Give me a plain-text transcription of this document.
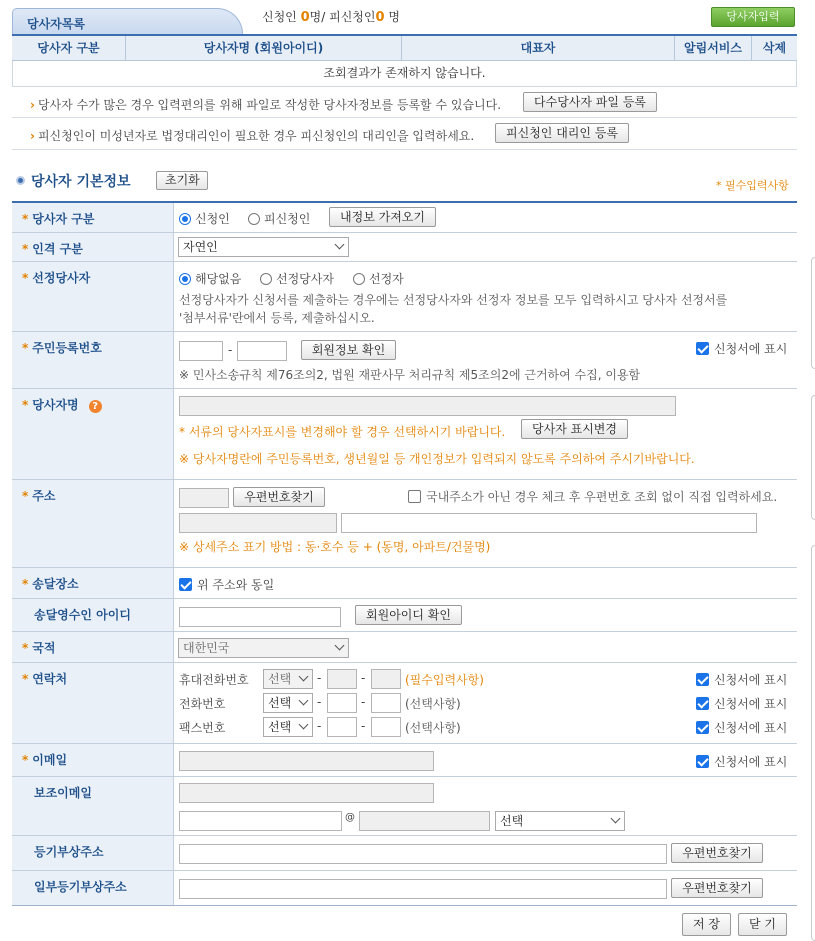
당사자목록	신청인 0명/ 피신청인0 명	당사자입력
당사자 구분	당사자명 (회원아이디)	대표자	알림서비스	삭제
조회결과가 존재하지 않습니다.
› 당사자 수가 많은 경우 입력편의를 위해 파일로 작성한 당사자정보를 등록할 수 있습니다.	다수당사자 파일 등록
› 피신청인이 미성년자로 법정대리인이 필요한 경우 피신청인의 대리인을 입력하세요.	피신청인 대리인 등록
당사자 기본정보	초기화	* 필수입력사항
* 당사자 구분	신청인	피신청인	내정보 가져오기
* 인격 구분	자연인
* 선정당사자	해당없음	선정당사자	선정자
선정당사자가 신청서를 제출하는 경우에는 선정당사자와 선정자 정보를 모두 입력하시고 당사자 선정서를
'첨부서류'란에서 등록, 제출하십시오.
* 주민등록번호	-	회원정보 확인	신청서에 표시
※ 민사소송규칙 제76조의2, 법원 재판사무 처리규칙 제5조의2에 근거하여 수집, 이용함
* 당사자명 ?
* 서류의 당사자표시를 변경해야 할 경우 선택하시기 바랍니다.	당사자 표시변경
※ 당사자명란에 주민등록번호, 생년월일 등 개인정보가 입력되지 않도록 주의하여 주시기바랍니다.
* 주소	우편번호찾기	국내주소가 아닌 경우 체크 후 우편번호 조회 없이 직접 입력하세요.
※ 상세주소 표기 방법 : 동·호수 등 + (동명, 아파트/건물명)
* 송달장소	위 주소와 동일
송달영수인 아이디	회원아이디 확인
* 국적	대한민국
* 연락처	휴대전화번호	선택	-	-	(필수입력사항)	신청서에 표시
전화번호	선택	-	-	(선택사항)	신청서에 표시
팩스번호	선택	-	-	(선택사항)	신청서에 표시
* 이메일	신청서에 표시
보조이메일
@	선택
등기부상주소	우편번호찾기
일부등기부상주소	우편번호찾기
저 장	닫 기
